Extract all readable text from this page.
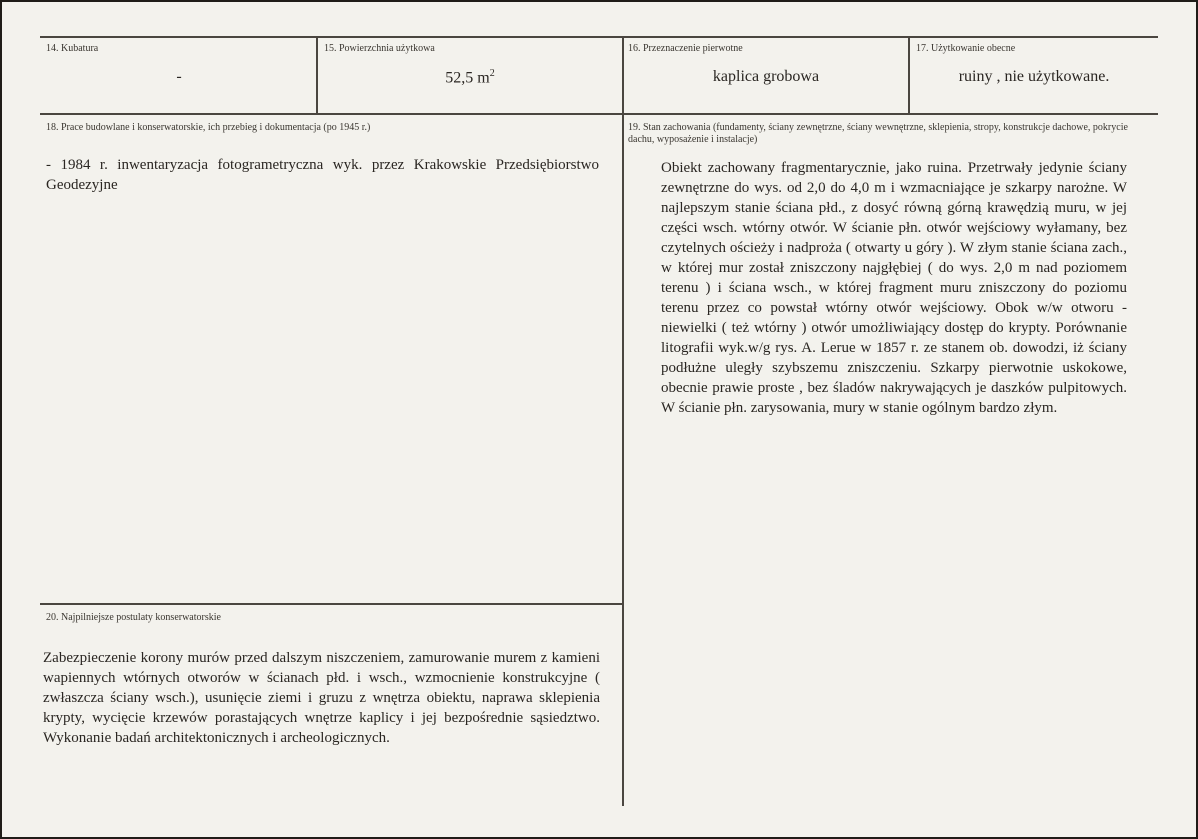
14. Kubatura
-
15. Powierzchnia użytkowa
52,5 $m^2$
16. Przeznaczenie pierwotne
kaplica grobowa
17. Użytkowanie obecne
ruiny , nie użytkowane.
18. Prace budowlane i konserwatorskie, ich przebieg i dokumentacja (po 1945 r.)
- 1984 r. inwentaryzacja fotogrametryczna wyk. przez Krakowskie Przedsiębiorstwo Geodezyjne
19. Stan zachowania (fundamenty, ściany zewnętrzne, ściany wewnętrzne, sklepienia, stropy, konstrukcje dachowe, pokrycie dachu, wyposażenie i instalacje)
Obiekt zachowany fragmentarycznie, jako ruina. Przetrwały jedynie ściany zewnętrzne do wys. od 2,0 do 4,0 m i wzmacniające je szkarpy narożne. W najlepszym stanie ściana płd., z dosyć równą górną krawędzią muru, w jej części wsch. wtórny otwór. W ścianie płn. otwór wejściowy wyłamany, bez czytelnych ościeży i nadproża ( otwarty u góry ). W złym stanie ściana zach., w której mur został zniszczony najgłębiej ( do wys. 2,0 m nad poziomem terenu ) i ściana wsch., w której fragment muru zniszczony do poziomu terenu przez co powstał wtórny otwór wejściowy. Obok w/w otworu - niewielki ( też wtórny ) otwór umożliwiający dostęp do krypty. Porównanie litografii wyk.w/g rys. A. Lerue w 1857 r. ze stanem ob. dowodzi, iż ściany podłużne uległy szybszemu zniszczeniu. Szkarpy pierwotnie uskokowe, obecnie prawie proste , bez śladów nakrywających je daszków pulpitowych. W ścianie płn. zarysowania, mury w stanie ogólnym bardzo złym.
20. Najpilniejsze postulaty konserwatorskie
Zabezpieczenie korony murów przed dalszym niszczeniem, zamurowanie murem z kamieni wapiennych wtórnych otworów w ścianach płd. i wsch., wzmocnienie konstrukcyjne ( zwłaszcza ściany wsch.), usunięcie ziemi i gruzu z wnętrza obiektu, naprawa sklepienia krypty, wycięcie krzewów porastających wnętrze kaplicy i jej bezpośrednie sąsiedztwo. Wykonanie badań architektonicznych i archeologicznych.
